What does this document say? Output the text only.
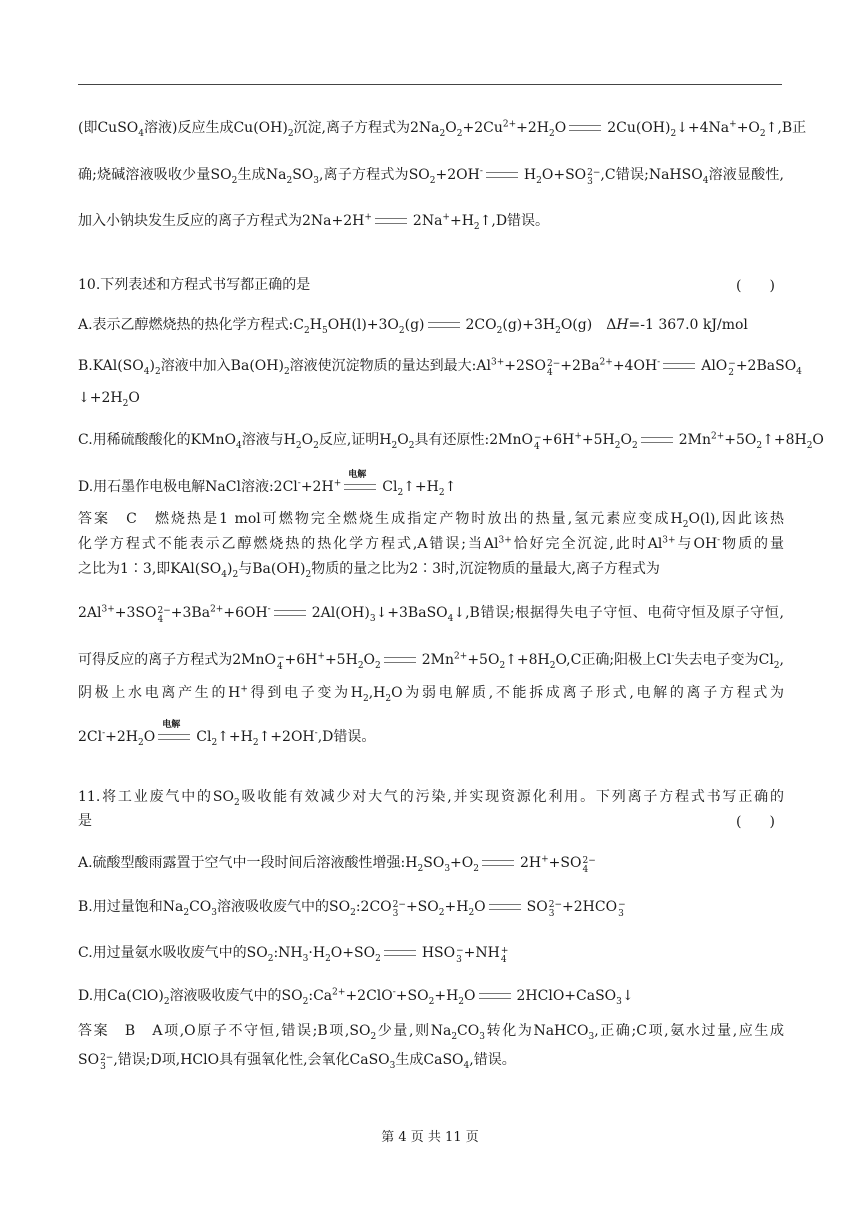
(即CuSO$_4$溶液)反应生成$Cu(OH)_2$沉淀,离子方程式为$2Na_2O_2+2Cu^{2+}+2H_2O$	$2Cu(OH)_2↓+4Na^++O_2↑,B$正
确;烧碱溶液吸收少量$SO_2$生成$Na_2SO_3$,离子方程式为$SO_2+2OH^-$	$H_2O+SO$ 2−
3 ,C错误;NaHSO$_4$溶液显酸性,
加入小钠块发生反应的离子方程式为2Na+2H+	$2Na^++H_2↑,D$错误。
10.下列表述和方程式书写都正确的是	(　　)
A.表示乙醇燃烧热的热化学方程式$:C_2H_5OH(l)+3O_2(g)$	$2CO_2(g)+3H_2O(g)$　ΔH=-1 367.0 kJ/mol
$B.KAl(SO_4)_2$溶液中加入$Ba(OH)_2$溶液使沉淀物质的量达到最大$:Al^{3+}+2SO$ 2−
$4 +2Ba^{2+}+4OH^-$	AlO −
2 +2BaSO$_4$
$↓+2H_2O$
C.用稀硫酸酸化的KMnO$_4$溶液与$H_2O_2$反应,证明$H_2O_2$具有还原性:2MnO −
$4 +6H^++5H_2O_2$	$2Mn^{2+}+5O_2↑+8H_2O$
D.用石墨作电极电解NaCl溶液:2Cl-+2H+
电解
$Cl_2↑+H_2↑$
答案　C　燃烧热是1 mol可燃物完全燃烧生成指定产物时放出的热量,氢元素应变成$H_2O(l)$,因此该热
化学方程式不能表示乙醇燃烧热的热化学方程式,A错误;当$Al^{3+}$恰好完全沉淀,此时$Al^{3+}$与OH-物质的量
之比为1∶3,即$KAl(SO_4)_2$与$Ba(OH)_2$物质的量之比为2∶3时,沉淀物质的量最大,离子方程式为
$2Al^{3+}+3SO$ 2−
$4 +3Ba^{2+}+6OH^-$	$2Al(OH)_3↓+3BaSO_4↓,B$错误;根据得失电子守恒、电荷守恒及原子守恒,
可得反应的离子方程式为2MnO −
$4 +6H^++5H_2O_2$	$2Mn^{2+}+5O_2↑+8H_2O,C$正确;阳极上Cl-失去电子变为$Cl_2$,
阴极上水电离产生的H+得到电子变为$H_2,H_2O$为弱电解质,不能拆成离子形式,电解的离子方程式为
$2Cl^-+2H_2O$
电解
$Cl_2↑+H_2↑+2OH^-,D$错误。
11.将工业废气中的$SO_2$吸收能有效减少对大气的污染,并实现资源化利用。下列离子方程式书写正确的
是	(　　)
A.硫酸型酸雨露置于空气中一段时间后溶液酸性增强$:H_2SO_3+O_2$	2H++SO 2−
4
B.用过量饱和$Na_2CO_3$溶液吸收废气中的$SO_2:2CO$ 2−
$3 +SO_2+H_2O$	SO 2−
3 +2HCO −
3
C.用过量氨水吸收废气中的$SO_2:NH_3\cdot H_2O+SO_2$	HSO −
3 +NH +
4
D.用$Ca(ClO)_2$溶液吸收废气中的$SO_2:Ca^{2+}+2ClO^-+SO_2+H_2O$	2HClO+CaSO$_3$↓
答案　B　A项,O原子不守恒,错误;B项$,SO_2$少量,则$Na_2CO_3$转化为NaHCO$_3$,正确;C项,氨水过量,应生成
SO 2−
3 ,错误;D项,HClO具有强氧化性,会氧化CaSO$_3$生成CaSO$_4$,错误。
第 4 页 共 11 页
